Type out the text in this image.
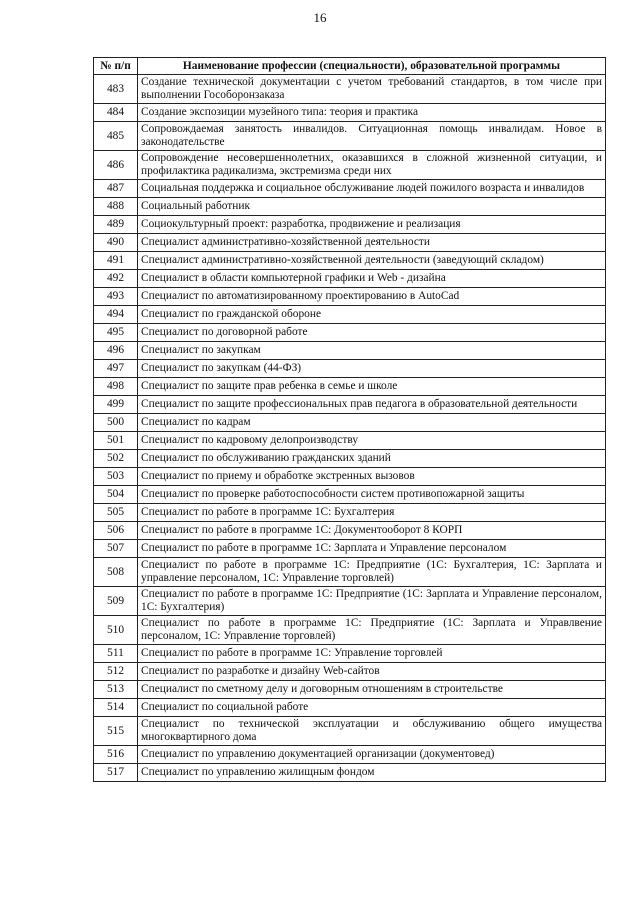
16
№ п/п	Наименование профессии (специальности), образовательной программы
483	Создание технической документации с учетом требований стандартов, в том числе при выполнении Гособоронзаказа
484	Создание экспозиции музейного типа: теория и практика
485	Сопровождаемая занятость инвалидов. Ситуационная помощь инвалидам. Новое в законодательстве
486	Сопровождение несовершеннолетних, оказавшихся в сложной жизненной ситуации, и профилактика радикализма, экстремизма среди них
487	Социальная поддержка и социальное обслуживание людей пожилого возраста и инвалидов
488	Социальный работник
489	Социокультурный проект: разработка, продвижение и реализация
490	Специалист административно-хозяйственной деятельности
491	Специалист административно-хозяйственной деятельности (заведующий складом)
492	Специалист в области компьютерной графики и Web - дизайна
493	Специалист по автоматизированному проектированию в AutoCad
494	Специалист по гражданской обороне
495	Специалист по договорной работе
496	Специалист по закупкам
497	Специалист по закупкам (44-ФЗ)
498	Специалист по защите прав ребенка в семье и школе
499	Специалист по защите профессиональных прав педагога в образовательной деятельности
500	Специалист по кадрам
501	Специалист по кадровому делопроизводству
502	Специалист по обслуживанию гражданских зданий
503	Специалист по приему и обработке экстренных вызовов
504	Специалист по проверке работоспособности систем противопожарной защиты
505	Специалист по работе в программе 1С: Бухгалтерия
506	Специалист по работе в программе 1С: Документооборот 8 КОРП
507	Специалист по работе в программе 1С: Зарплата и Управление персоналом
508	Специалист по работе в программе 1С: Предприятие (1С: Бухгалтерия, 1С: Зарплата и управление персоналом, 1С: Управление торговлей)
509	Специалист по работе в программе 1С: Предприятие (1С: Зарплата и Управление персоналом, 1С: Бухгалтерия)
510	Специалист по работе в программе 1С: Предприятие (1С: Зарплата и Управлвение персоналом, 1С: Управление торговлей)
511	Специалист по работе в программе 1С: Управление торговлей
512	Специалист по разработке и дизайну Web-сайтов
513	Специалист по сметному делу и договорным отношениям в строительстве
514	Специалист по социальной работе
515	Специалист по технической эксплуатации и обслуживанию общего имущества многоквартирного дома
516	Специалист по управлению документацией организации (документовед)
517	Специалист по управлению жилищным фондом
